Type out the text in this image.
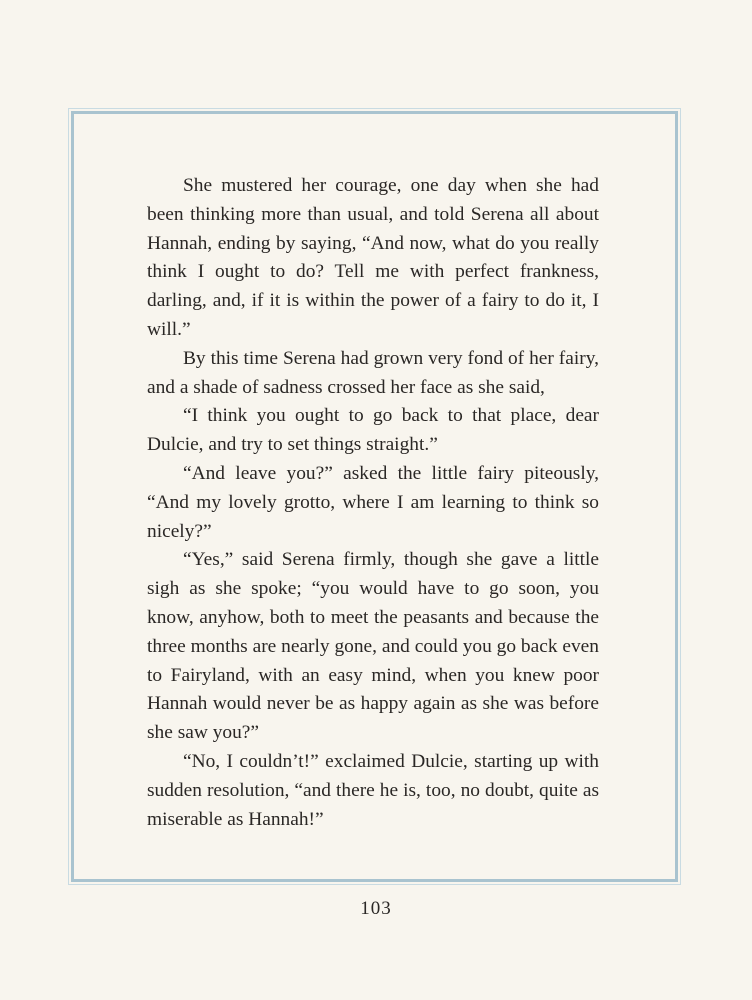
She mustered her courage, one day when she had been thinking more than usual, and told Serena all about Hannah, ending by saying, “And now, what do you really think I ought to do? Tell me with perfect frankness, darling, and, if it is within the power of a fairy to do it, I will.”

By this time Serena had grown very fond of her fairy, and a shade of sadness crossed her face as she said,

“I think you ought to go back to that place, dear Dulcie, and try to set things straight.”

“And leave you?” asked the little fairy piteously, “And my lovely grotto, where I am learning to think so nicely?”

“Yes,” said Serena firmly, though she gave a little sigh as she spoke; “you would have to go soon, you know, anyhow, both to meet the peasants and because the three months are nearly gone, and could you go back even to Fairyland, with an easy mind, when you knew poor Hannah would never be as happy again as she was before she saw you?”

“No, I couldn’t!” exclaimed Dulcie, starting up with sudden resolution, “and there he is, too, no doubt, quite as miserable as Hannah!”

103
